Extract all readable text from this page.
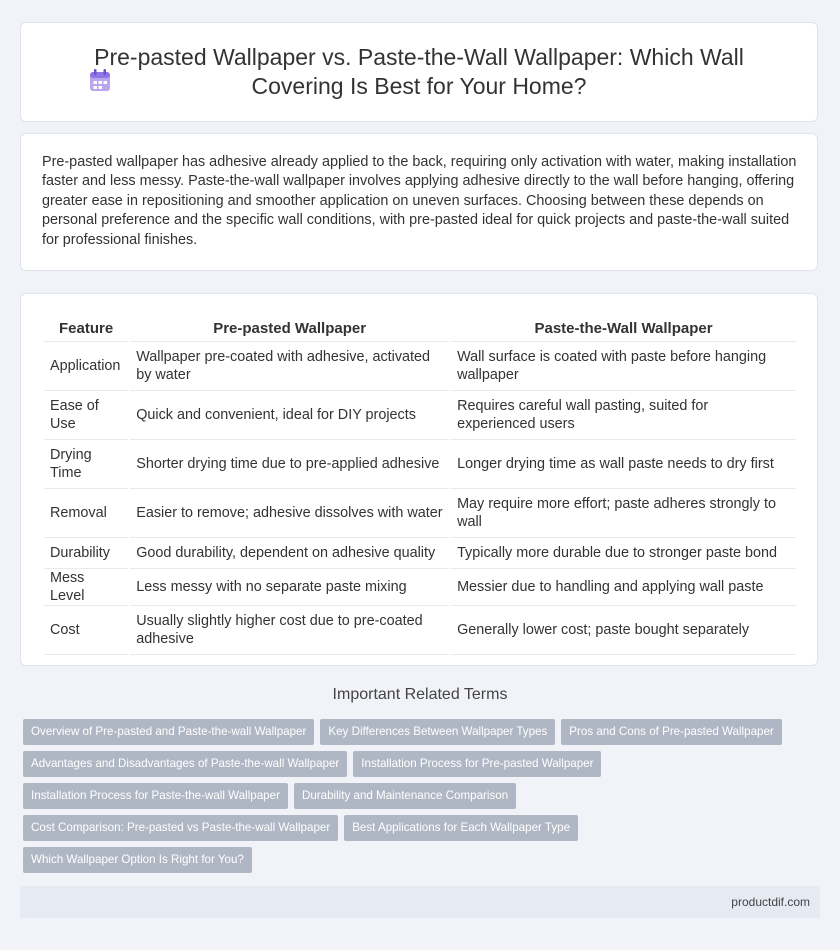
Pre-pasted Wallpaper vs. Paste-the-Wall Wallpaper: Which Wall Covering Is Best for Your Home?

Pre-pasted wallpaper has adhesive already applied to the back, requiring only activation with water, making installation faster and less messy. Paste-the-wall wallpaper involves applying adhesive directly to the wall before hanging, offering greater ease in repositioning and smoother application on uneven surfaces. Choosing between these depends on personal preference and the specific wall conditions, with pre-pasted ideal for quick projects and paste-the-wall suited for professional finishes.

Feature	Pre-pasted Wallpaper	Paste-the-Wall Wallpaper
Application	Wallpaper pre-coated with adhesive, activated by water	Wall surface is coated with paste before hanging wallpaper
Ease of Use	Quick and convenient, ideal for DIY projects	Requires careful wall pasting, suited for experienced users
Drying Time	Shorter drying time due to pre-applied adhesive	Longer drying time as wall paste needs to dry first
Removal	Easier to remove; adhesive dissolves with water	May require more effort; paste adheres strongly to wall
Durability	Good durability, dependent on adhesive quality	Typically more durable due to stronger paste bond
Mess Level	Less messy with no separate paste mixing	Messier due to handling and applying wall paste
Cost	Usually slightly higher cost due to pre-coated adhesive	Generally lower cost; paste bought separately
Important Related Terms
Overview of Pre-pasted and Paste-the-wall Wallpaper Key Differences Between Wallpaper Types Pros and Cons of Pre-pasted Wallpaper
Advantages and Disadvantages of Paste-the-wall Wallpaper Installation Process for Pre-pasted Wallpaper
Installation Process for Paste-the-wall Wallpaper Durability and Maintenance Comparison
Cost Comparison: Pre-pasted vs Paste-the-wall Wallpaper Best Applications for Each Wallpaper Type
Which Wallpaper Option Is Right for You?
productdif.com
